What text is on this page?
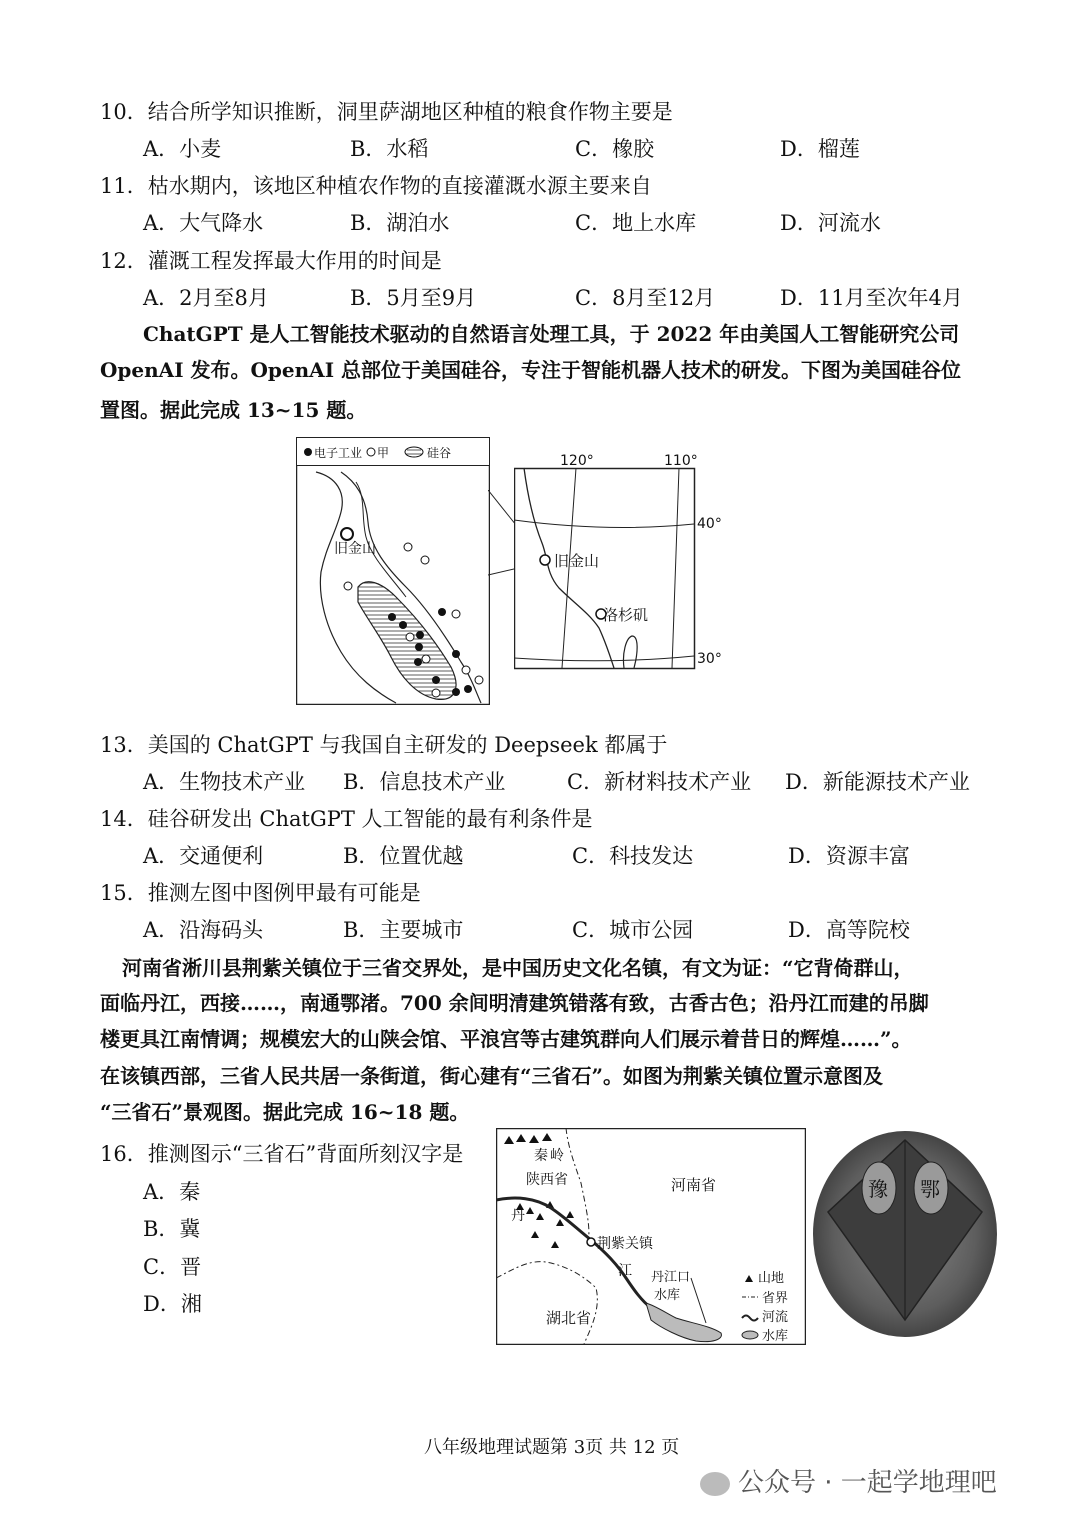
10．结合所学知识推断，洞里萨湖地区种植的粮食作物主要是
A．小麦	B．水稻	C．橡胶	D．榴莲
11．枯水期内，该地区种植农作物的直接灌溉水源主要来自
A．大气降水	B．湖泊水	C．地上水库	D．河流水
12．灌溉工程发挥最大作用的时间是
A．2月至8月	B．5月至9月	C．8月至12月	D．11月至次年4月
ChatGPT 是人工智能技术驱动的自然语言处理工具，于 2022 年由美国人工智能研究公司
OpenAI 发布。OpenAI 总部位于美国硅谷，专注于智能机器人技术的研发。下图为美国硅谷位
置图。据此完成 13~15 题。
电子工业 甲	硅谷
旧金山
120°	110°
40°
30°
旧金山
洛杉矶
13．美国的 ChatGPT 与我国自主研发的 Deepseek 都属于
A．生物技术产业 B．信息技术产业	C．新材料技术产业 D．新能源技术产业
14．硅谷研发出 ChatGPT 人工智能的最有利条件是
A．交通便利	B．位置优越	C．科技发达	D．资源丰富
15．推测左图中图例甲最有可能是
A．沿海码头	B．主要城市	C．城市公园	D．高等院校
河南省淅川县荆紫关镇位于三省交界处，是中国历史文化名镇，有文为证：“它背倚群山，
面临丹江，西接……，南通鄂渚。700 余间明清建筑错落有致，古香古色；沿丹江而建的吊脚
楼更具江南情调；规模宏大的山陕会馆、平浪宫等古建筑群向人们展示着昔日的辉煌……”。
在该镇西部，三省人民共居一条街道，街心建有“三省石”。如图为荆紫关镇位置示意图及
“三省石”景观图。据此完成 16~18 题。
16．推测图示“三省石”背面所刻汉字是
A．秦
B．冀
C．晋
D．湘
秦 岭
陕西省	河南省
湖北省
丹
江
荆紫关镇
丹江口
水库
山地
省界
河流
水库
豫 鄂
八年级地理试题第 3页 共 12 页
公众号 · 一起学地理吧
